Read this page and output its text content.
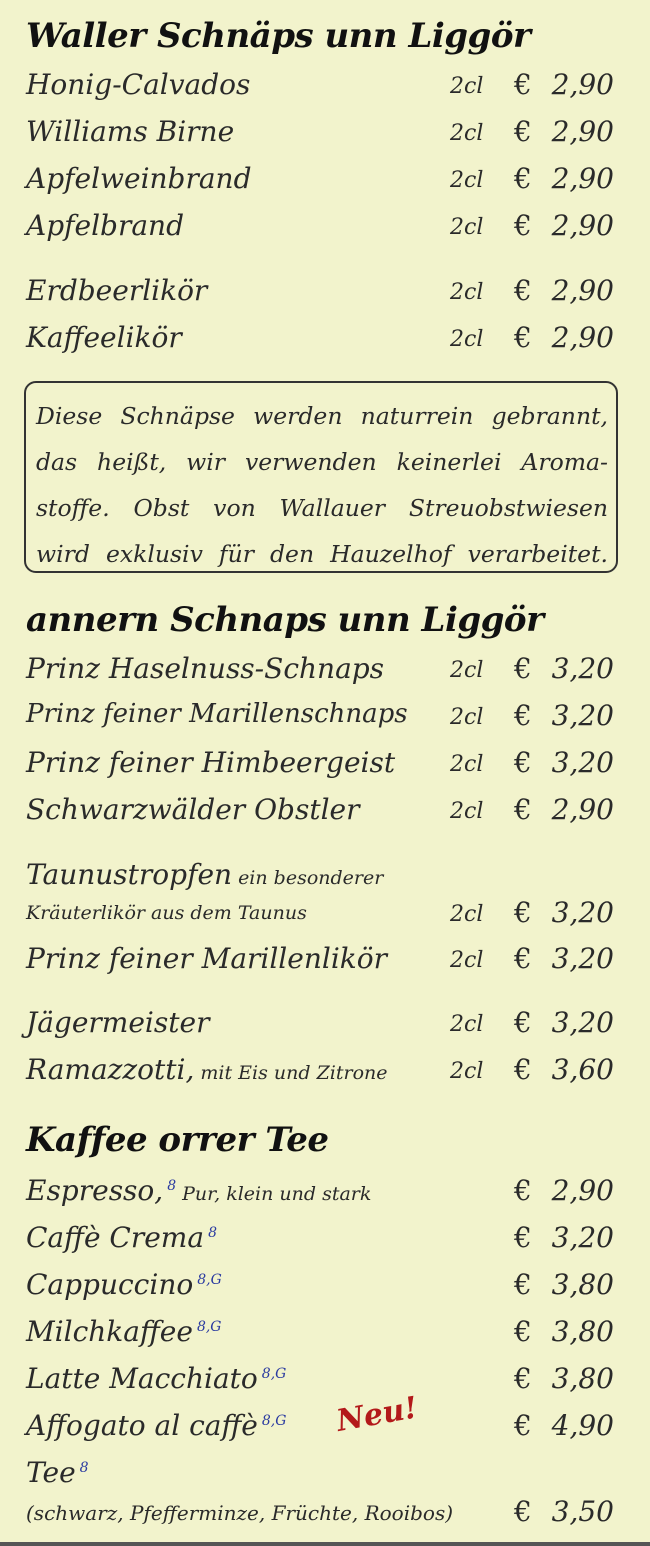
Waller Schnäps unn Liggör
Honig-Calvados	2cl € 2,90
Williams Birne	2cl € 2,90
Apfelweinbrand	2cl € 2,90
Apfelbrand	2cl € 2,90
Erdbeerlikör	2cl € 2,90
Kaffeelikör	2cl € 2,90

Diese Schnäpse werden naturrein gebrannt,

das heißt, wir verwenden keinerlei Aroma-

stoffe. Obst von Wallauer Streuobstwiesen

wird exklusiv für den Hauzelhof verarbeitet.

annern Schnaps unn Liggör
Prinz Haselnuss-Schnaps	2cl € 3,20
Prinz feiner Marillenschnaps 2cl € 3,20
Prinz feiner Himbeergeist 2cl € 3,20
Schwarzwälder Obstler	2cl € 2,90
Taunustropfen ein besonderer
Kräuterlikör aus dem Taunus	2cl € 3,20
Prinz feiner Marillenlikör	2cl € 3,20
Jägermeister	2cl € 3,20
Ramazzotti, mit Eis und Zitrone	2cl € 3,60
Kaffee orrer Tee
Espresso, $^8$ Pur, klein und stark	€ 2,90
Caffè Crema $^8$	€ 3,20
Cappuccino $^{8,G}$	€ 3,80
Milchkaffee $^{8,G}$	€ 3,80
Latte Macchiato $^{8,G}$	€ 3,80
Affogato al caffè $^{8,G}$	€ 4,90
Neu!
Tee $^8$
(schwarz, Pfefferminze, Früchte, Rooibos) € 3,50
